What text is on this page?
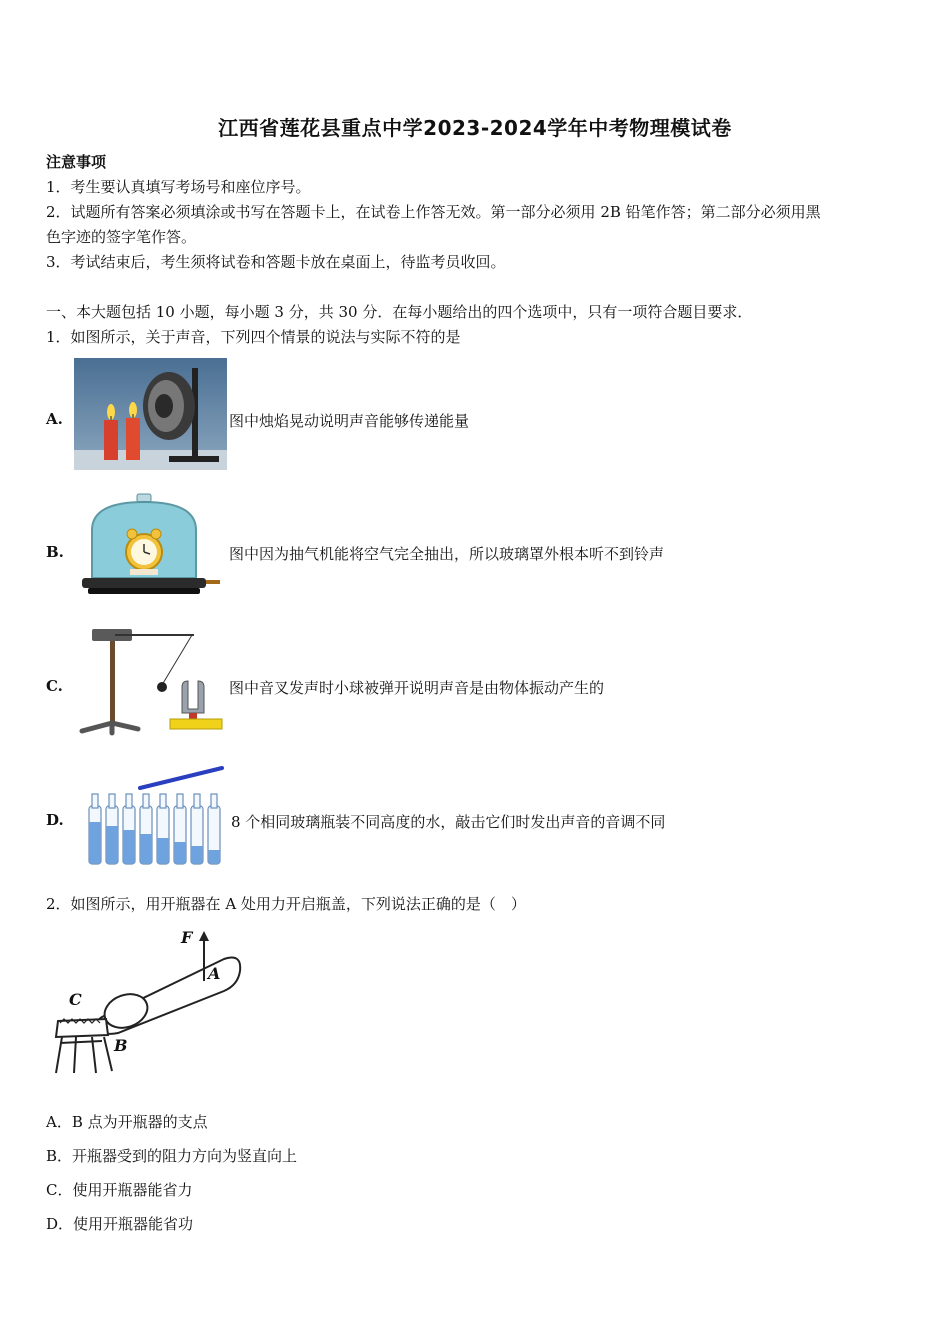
江西省莲花县重点中学2023-2024学年中考物理模试卷
注意事项
1．考生要认真填写考场号和座位序号。
2．试题所有答案必须填涂或书写在答题卡上，在试卷上作答无效。第一部分必须用 2B 铅笔作答；第二部分必须用黑
色字迹的签字笔作答。
3．考试结束后，考生须将试卷和答题卡放在桌面上，待监考员收回。
一、本大题包括 10 小题，每小题 3 分，共 30 分．在每小题给出的四个选项中，只有一项符合题目要求．
1．如图所示，关于声音，下列四个情景的说法与实际不符的是
A.	图中烛焰晃动说明声音能够传递能量
B.	图中因为抽气机能将空气完全抽出，所以玻璃罩外根本听不到铃声
C.	图中音叉发声时小球被弹开说明声音是由物体振动产生的
D.	8 个相同玻璃瓶装不同高度的水，敲击它们时发出声音的音调不同
2．如图所示，用开瓶器在 A 处用力开启瓶盖，下列说法正确的是（　）
F
A
C
B
A．B 点为开瓶器的支点
B．开瓶器受到的阻力方向为竖直向上
C．使用开瓶器能省力
D．使用开瓶器能省功
